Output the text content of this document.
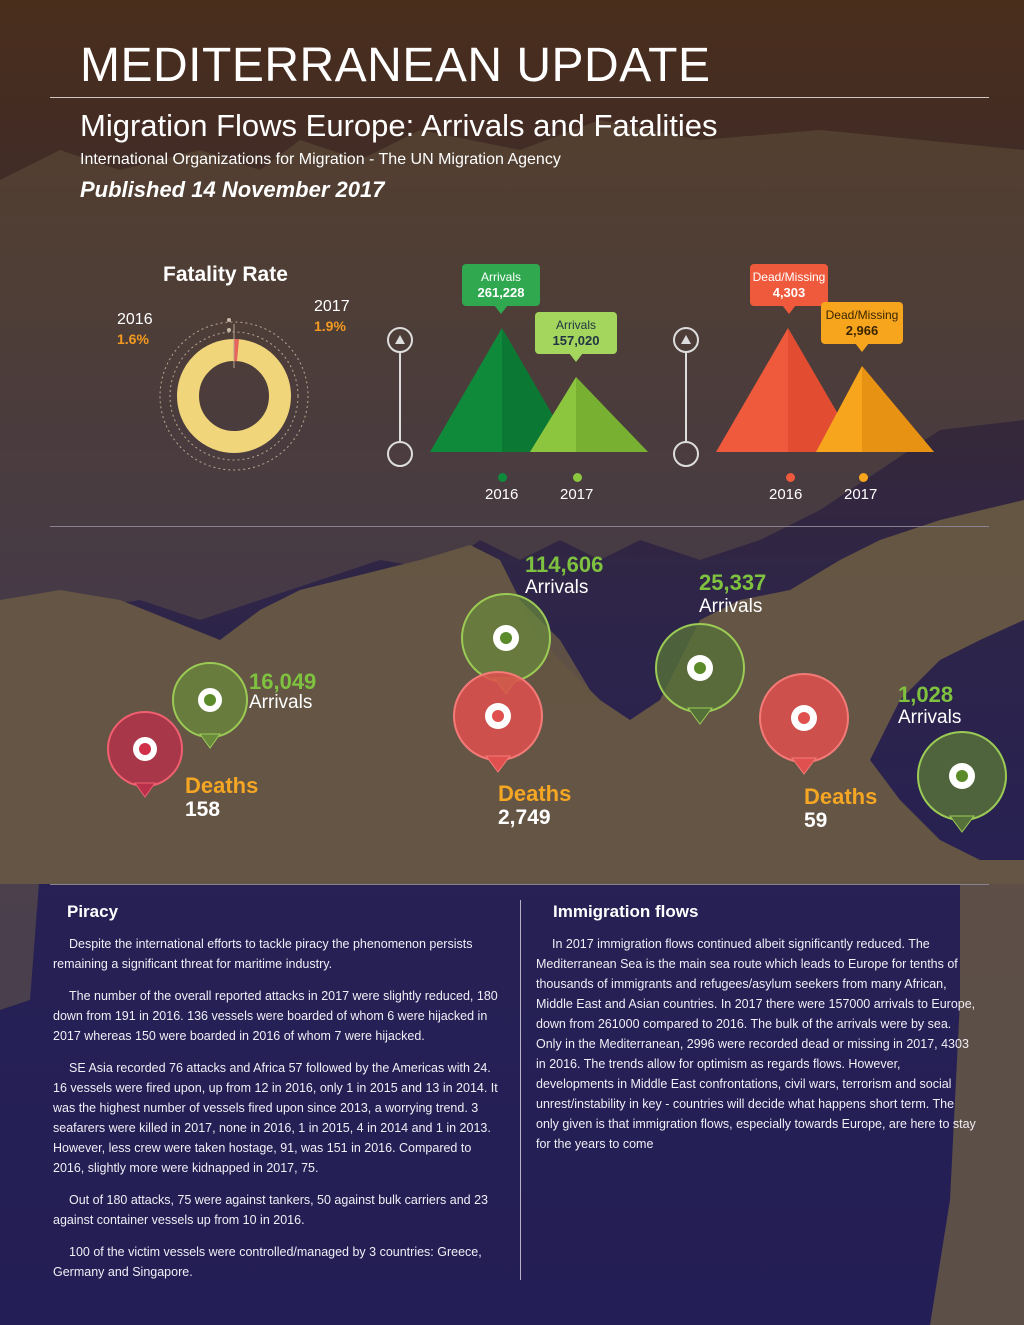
MEDITERRANEAN UPDATE
Migration Flows Europe: Arrivals and Fatalities
International Organizations for Migration - The UN Migration Agency
Published 14 November 2017
Fatality Rate
2016
1.6%
2017
1.9%
Arrivals
261,228
Arrivals
157,020
2016	2017
Dead/Missing
4,303
Dead/Missing
2,966
2016	2017
16,049
Arrivals
Deaths
158
114,606
Arrivals
Deaths
2,749
25,337
Arrivals
Deaths
59
1,028
Arrivals
Piracy

Despite the international efforts to tackle piracy the phenomenon persists remaining a significant threat for maritime industry.

The number of the overall reported attacks in 2017 were slightly reduced, 180 down from 191 in 2016. 136 vessels were boarded of whom 6 were hijacked in 2017 whereas 150 were boarded in 2016 of whom 7 were hijacked.

SE Asia recorded 76 attacks and Africa 57 followed by the Americas with 24. 16 vessels were fired upon, up from 12 in 2016, only 1 in 2015 and 13 in 2014. It was the highest number of vessels fired upon since 2013, a worrying trend. 3 seafarers were killed in 2017, none in 2016, 1 in 2015, 4 in 2014 and 1 in 2013. However, less crew were taken hostage, 91, was 151 in 2016. Compared to 2016, slightly more were kidnapped in 2017, 75.

Out of 180 attacks, 75 were against tankers, 50 against bulk carriers and 23 against container vessels up from 10 in 2016.

100 of the victim vessels were controlled/managed by 3 countries: Greece, Germany and Singapore.

Immigration flows

In 2017 immigration flows continued albeit significantly reduced. The Mediterranean Sea is the main sea route which leads to Europe for tenths of thousands of immigrants and refugees/asylum seekers from many African, Middle East and Asian countries. In 2017 there were 157000 arrivals to Europe, down from 261000 compared to 2016. The bulk of the arrivals were by sea. Only in the Mediterranean, 2996 were recorded dead or missing in 2017, 4303 in 2016. The trends allow for optimism as regards flows. However, developments in Middle East confrontations, civil wars, terrorism and social unrest/instability in key - countries will decide what happens short term. The only given is that immigration flows, especially towards Europe, are here to stay for the years to come
